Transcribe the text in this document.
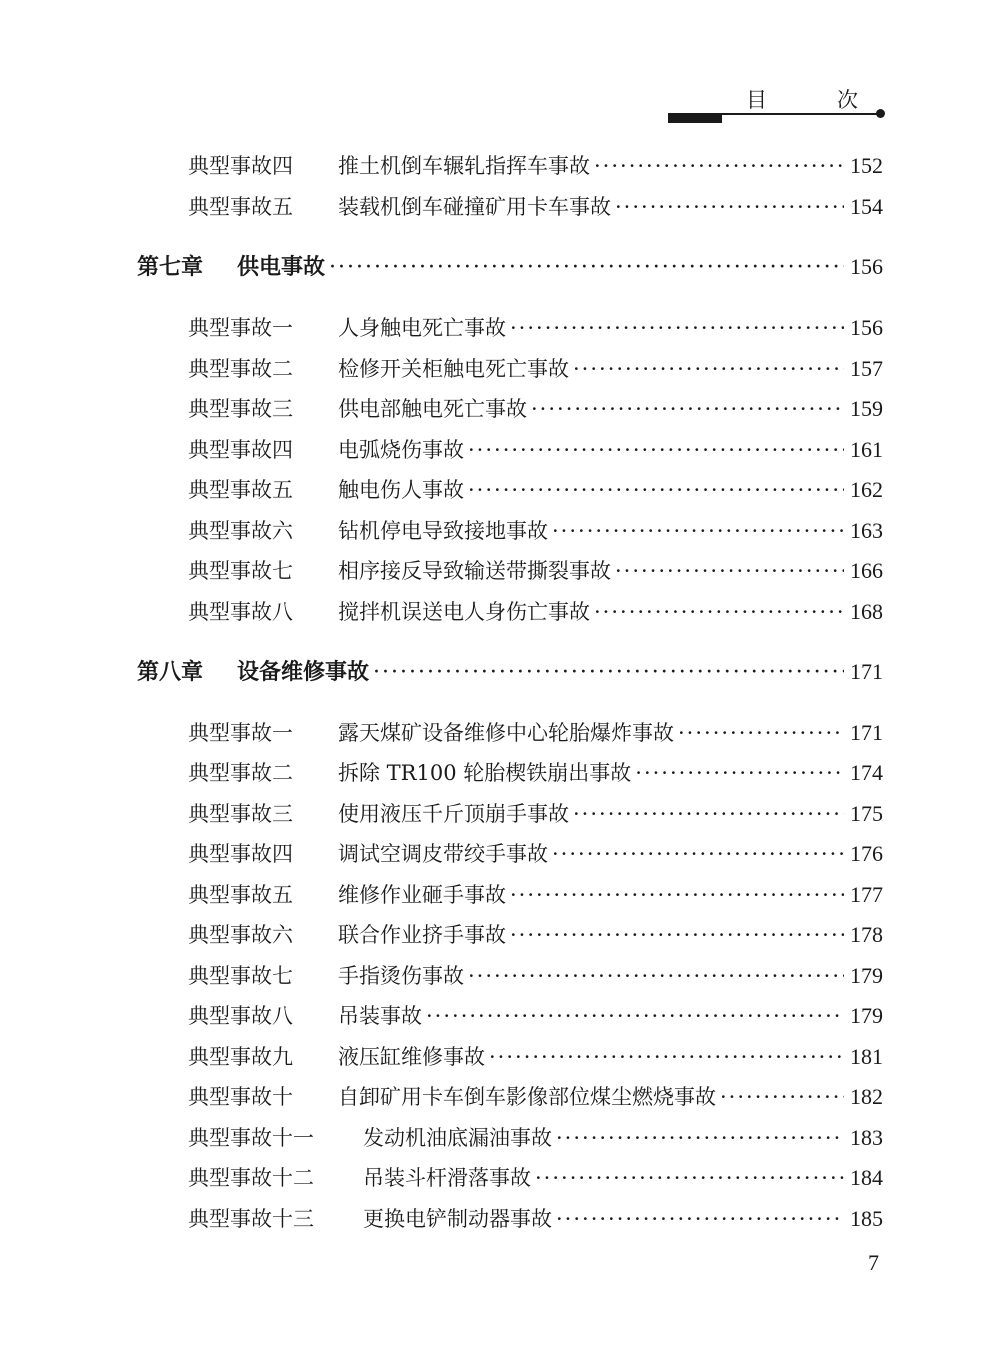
目	次
典型事故四	推土机倒车辗轧指挥车事故 ·····	152
典型事故五	装载机倒车碰撞矿用卡车事故 ·····	154
第七章	供电事故 ·····	156
典型事故一	人身触电死亡事故 ·····	156
典型事故二	检修开关柜触电死亡事故 ·····	157
典型事故三	供电部触电死亡事故 ·····	159
典型事故四	电弧烧伤事故 ·····	161
典型事故五	触电伤人事故 ·····	162
典型事故六	钻机停电导致接地事故 ·····	163
典型事故七	相序接反导致输送带撕裂事故 ·····	166
典型事故八	搅拌机误送电人身伤亡事故 ·····	168
第八章	设备维修事故 ·····	171
典型事故一	露天煤矿设备维修中心轮胎爆炸事故 ·····	171
典型事故二	拆除 TR100 轮胎楔铁崩出事故 ·····	174
典型事故三	使用液压千斤顶崩手事故 ·····	175
典型事故四	调试空调皮带绞手事故 ·····	176
典型事故五	维修作业砸手事故 ·····	177
典型事故六	联合作业挤手事故 ·····	178
典型事故七	手指烫伤事故 ·····	179
典型事故八	吊装事故 ·····	179
典型事故九	液压缸维修事故 ·····	181
典型事故十	自卸矿用卡车倒车影像部位煤尘燃烧事故 ·····	182
典型事故十一	发动机油底漏油事故 ·····	183
典型事故十二	吊装斗杆滑落事故 ·····	184
典型事故十三	更换电铲制动器事故 ·····	185
7
